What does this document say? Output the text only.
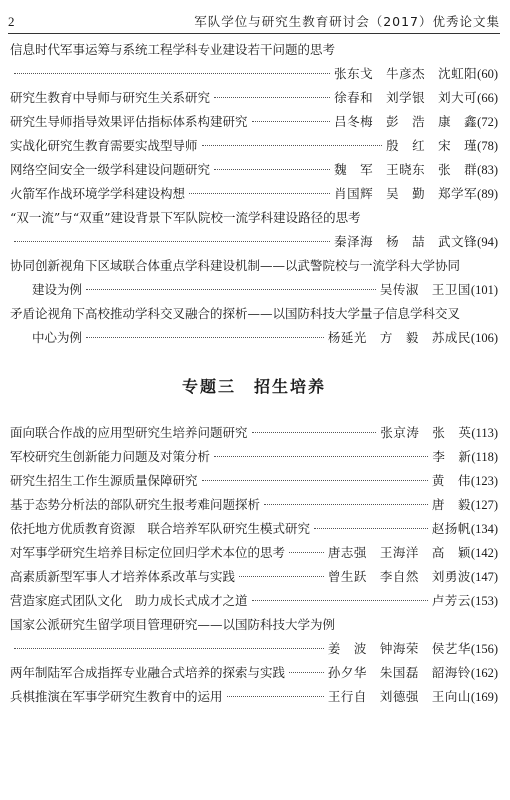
2	军队学位与研究生教育研讨会（2017）优秀论文集
信息时代军事运筹与系统工程学科专业建设若干问题的思考
张东戈　牛彦杰　沈虹阳 (60)
研究生教育中导师与研究生关系研究	徐春和　刘学银　刘大可 (66)
研究生导师指导效果评估指标体系构建研究	吕冬梅　彭　浩　康　鑫 (72)
实战化研究生教育需要实战型导师	殷　红　宋　瑾 (78)
网络空间安全一级学科建设问题研究	魏　军　王晓东　张　群 (83)
火箭军作战环境学学科建设构想	肖国辉　吴　勤　郑学军 (89)
“双一流”与“双重”建设背景下军队院校一流学科建设路径的思考
秦泽海　杨　喆　武文锋 (94)
协同创新视角下区域联合体重点学科建设机制——以武警院校与一流学科大学协同
建设为例	吴传淑　王卫国 (101)
矛盾论视角下高校推动学科交叉融合的探析——以国防科技大学量子信息学科交叉
中心为例	杨延光　方　毅　苏成民 (106)
专题三　招生培养
面向联合作战的应用型研究生培养问题研究	张京涛　张　英 (113)
军校研究生创新能力问题及对策分析	李　新 (118)
研究生招生工作生源质量保障研究	黄　伟 (123)
基于态势分析法的部队研究生报考难问题探析	唐　毅 (127)
依托地方优质教育资源　联合培养军队研究生模式研究	赵扬帆 (134)
对军事学研究生培养目标定位回归学术本位的思考	唐志强　王海洋　高　颖 (142)
高素质新型军事人才培养体系改革与实践	曾生跃　李自然　刘勇波 (147)
营造家庭式团队文化　助力成长式成才之道	卢芳云 (153)
国家公派研究生留学项目管理研究——以国防科技大学为例
姜　波　钟海荣　侯艺华 (156)
两年制陆军合成指挥专业融合式培养的探索与实践	孙夕华　朱国磊　韶海铃 (162)
兵棋推演在军事学研究生教育中的运用	王行自　刘德强　王向山 (169)
